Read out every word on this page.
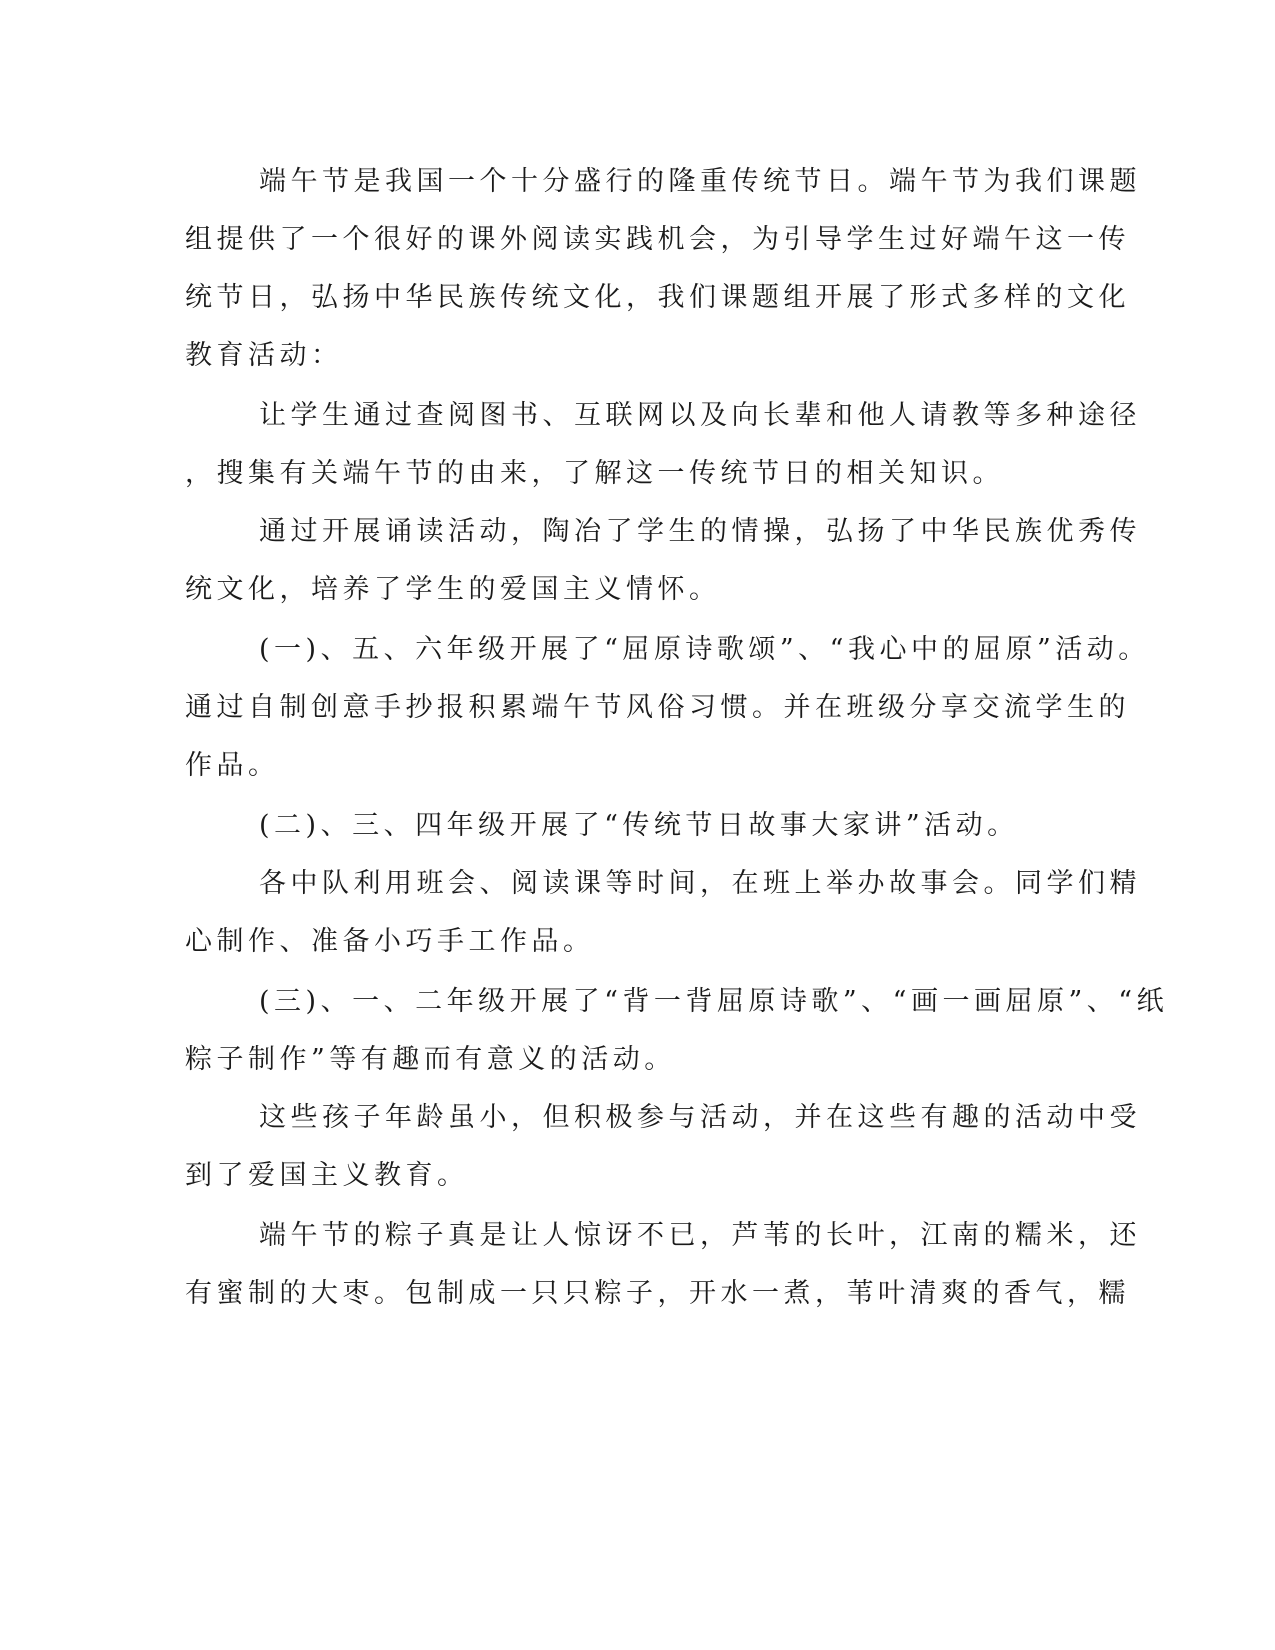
端午节是我国一个十分盛行的隆重传统节日。端午节为我们课题
组提供了一个很好的课外阅读实践机会，为引导学生过好端午这一传
统节日，弘扬中华民族传统文化，我们课题组开展了形式多样的文化
教育活动：
让学生通过查阅图书、互联网以及向长辈和他人请教等多种途径
，搜集有关端午节的由来，了解这一传统节日的相关知识。
通过开展诵读活动，陶冶了学生的情操，弘扬了中华民族优秀传
统文化，培养了学生的爱国主义情怀。
(一)、五、六年级开展了“屈原诗歌颂”、“我心中的屈原”活动。
通过自制创意手抄报积累端午节风俗习惯。并在班级分享交流学生的
作品。
(二)、三、四年级开展了“传统节日故事大家讲”活动。
各中队利用班会、阅读课等时间，在班上举办故事会。同学们精
心制作、准备小巧手工作品。
(三)、一、二年级开展了“背一背屈原诗歌”、“画一画屈原”、“纸
粽子制作”等有趣而有意义的活动。
这些孩子年龄虽小，但积极参与活动，并在这些有趣的活动中受
到了爱国主义教育。
端午节的粽子真是让人惊讶不已，芦苇的长叶，江南的糯米，还
有蜜制的大枣。包制成一只只粽子，开水一煮，苇叶清爽的香气，糯
